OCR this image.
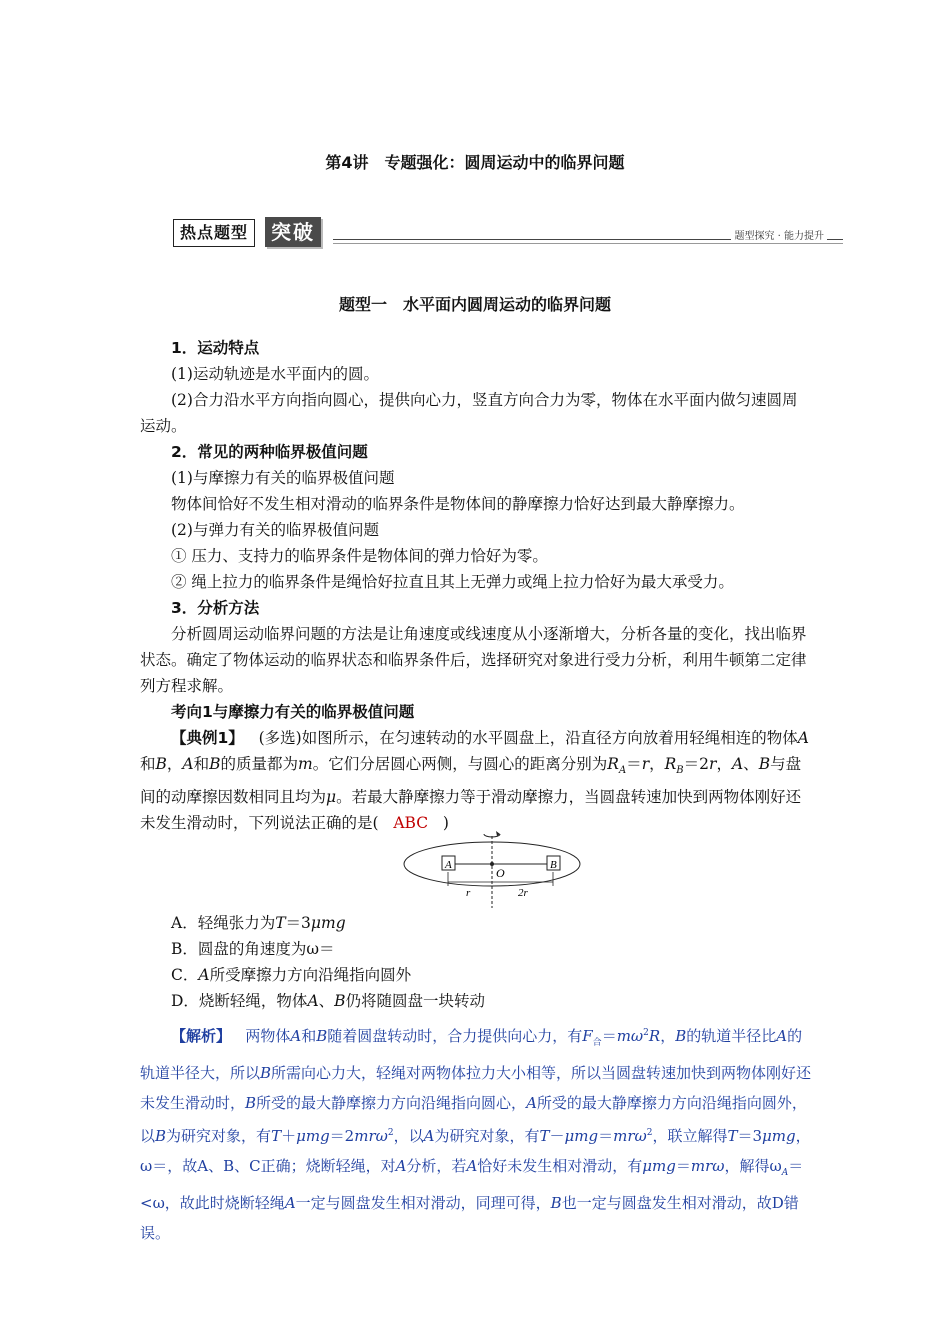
第4讲　专题强化：圆周运动中的临界问题
热点题型	突破	题型探究 · 能力提升
题型一　水平面内圆周运动的临界问题
1．运动特点
(1)运动轨迹是水平面内的圆。
(2)合力沿水平方向指向圆心，提供向心力，竖直方向合力为零，物体在水平面内做匀速圆周运动。
2．常见的两种临界极值问题
(1)与摩擦力有关的临界极值问题
物体间恰好不发生相对滑动的临界条件是物体间的静摩擦力恰好达到最大静摩擦力。
(2)与弹力有关的临界极值问题
① 压力、支持力的临界条件是物体间的弹力恰好为零。
② 绳上拉力的临界条件是绳恰好拉直且其上无弹力或绳上拉力恰好为最大承受力。
3．分析方法
分析圆周运动临界问题的方法是让角速度或线速度从小逐渐增大，分析各量的变化，找出临界状态。确定了物体运动的临界状态和临界条件后，选择研究对象进行受力分析，利用牛顿第二定律列方程求解。
考向1与摩擦力有关的临界极值问题
【典例1】 (多选)如图所示，在匀速转动的水平圆盘上，沿直径方向放着用轻绳相连的物体A和B，A和B的质量都为m。它们分居圆心两侧，与圆心的距离分别为$R_A=r$，$R_B=2r$，A、B与盘间的动摩擦因数相同且均为μ。若最大静摩擦力等于滑动摩擦力，当圆盘转速加快到两物体刚好还未发生滑动时，下列说法正确的是( ABC )
A	B
O
r	2r
A．轻绳张力为T＝3μmg
B．圆盘的角速度为ω＝
C．A所受摩擦力方向沿绳指向圆外
D．烧断轻绳，物体A、B仍将随圆盘一块转动
【解析】 两物体A和B随着圆盘转动时，合力提供向心力，有$F_合=m\omega^2R$，B的轨道半径比A的轨道半径大，所以B所需向心力大，轻绳对两物体拉力大小相等，所以当圆盘转速加快到两物体刚好还未发生滑动时，B所受的最大静摩擦力方向沿绳指向圆心，A所受的最大静摩擦力方向沿绳指向圆外，以B为研究对象，有T＋μmg＝2mrω$^2$，以A为研究对象，有T－μmg＝mrω$^2$，联立解得T＝3μmg，ω＝，故A、B、C正确；烧断轻绳，对A分析，若A恰好未发生相对滑动，有μmg＝mrω，解得$\omega_A=<\omega$，故此时烧断轻绳A一定与圆盘发生相对滑动，同理可得，B也一定与圆盘发生相对滑动，故D错误。
